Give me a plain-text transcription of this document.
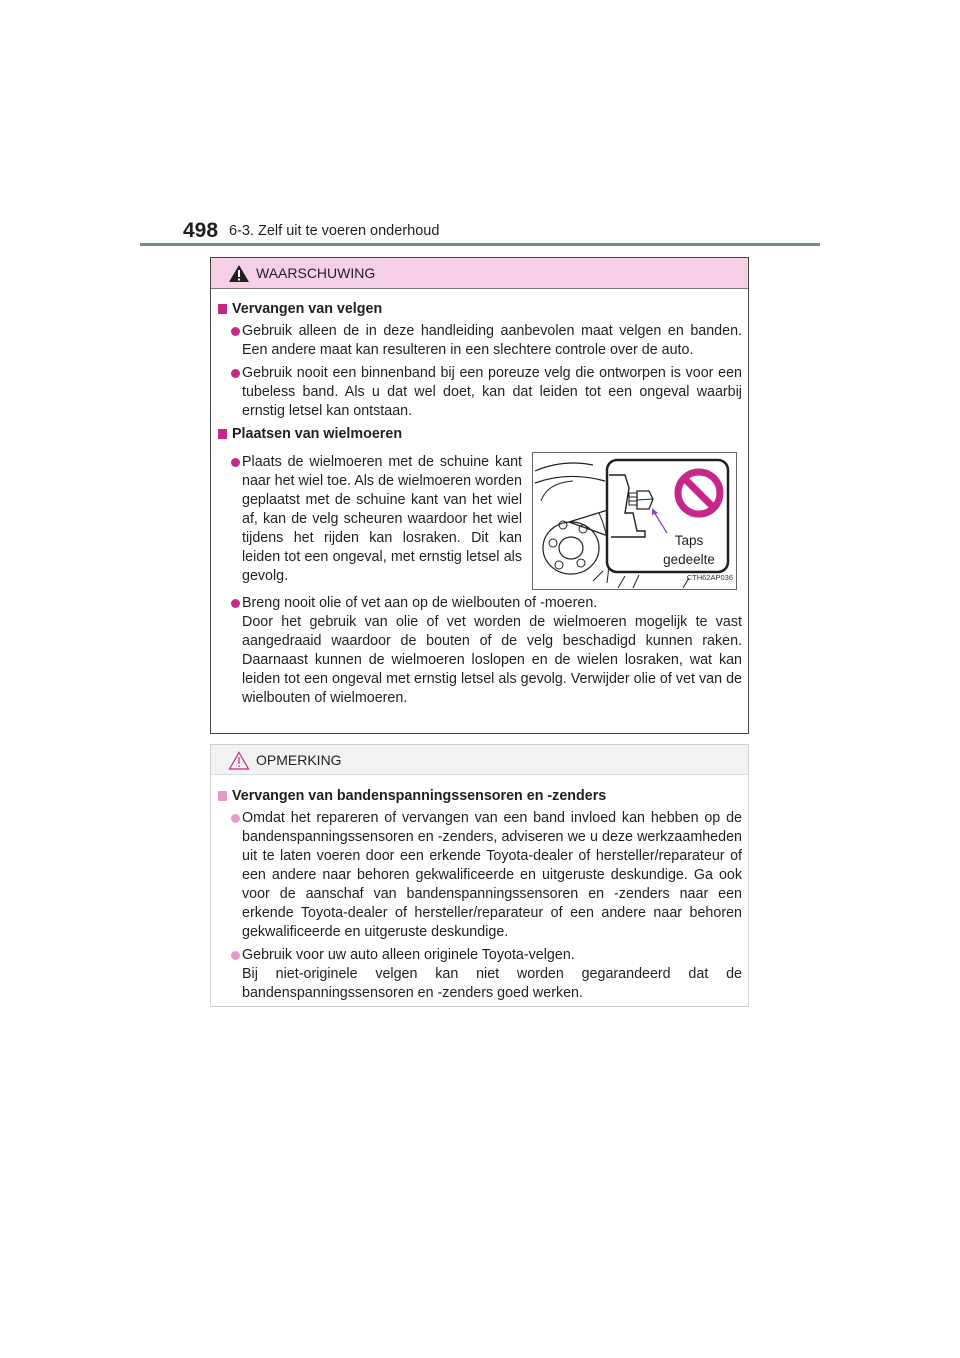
498 6-3. Zelf uit te voeren onderhoud
WAARSCHUWING
Vervangen van velgen

Gebruik alleen de in deze handleiding aanbevolen maat velgen en banden. Een andere maat kan resulteren in een slechtere controle over de auto.

Gebruik nooit een binnenband bij een poreuze velg die ontworpen is voor een tubeless band. Als u dat wel doet, kan dat leiden tot een ongeval waarbij ernstig letsel kan ontstaan.

Plaatsen van wielmoeren

Plaats de wielmoeren met de schuine kant naar het wiel toe. Als de wielmoeren worden geplaatst met de schuine kant van het wiel af, kan de velg scheuren waardoor het wiel tijdens het rijden kan losraken. Dit kan leiden tot een ongeval, met ernstig letsel als gevolg.

Taps
gedeelte
CTH62AP036

Breng nooit olie of vet aan op de wielbouten of -moeren.

Door het gebruik van olie of vet worden de wielmoeren mogelijk te vast aangedraaid waardoor de bouten of de velg beschadigd kunnen raken. Daarnaast kunnen de wielmoeren loslopen en de wielen losraken, wat kan leiden tot een ongeval met ernstig letsel als gevolg. Verwijder olie of vet van de wielbouten of wielmoeren.

OPMERKING
Vervangen van bandenspanningssensoren en -zenders

Omdat het repareren of vervangen van een band invloed kan hebben op de bandenspanningssensoren en -zenders, adviseren we u deze werkzaamheden uit te laten voeren door een erkende Toyota-dealer of hersteller/reparateur of een andere naar behoren gekwalificeerde en uitgeruste deskundige. Ga ook voor de aanschaf van bandenspanningssensoren en -zenders naar een erkende Toyota-dealer of hersteller/reparateur of een andere naar behoren gekwalificeerde en uitgeruste deskundige.

Gebruik voor uw auto alleen originele Toyota-velgen.

Bij niet-originele velgen kan niet worden gegarandeerd dat de bandenspanningssensoren en -zenders goed werken.
